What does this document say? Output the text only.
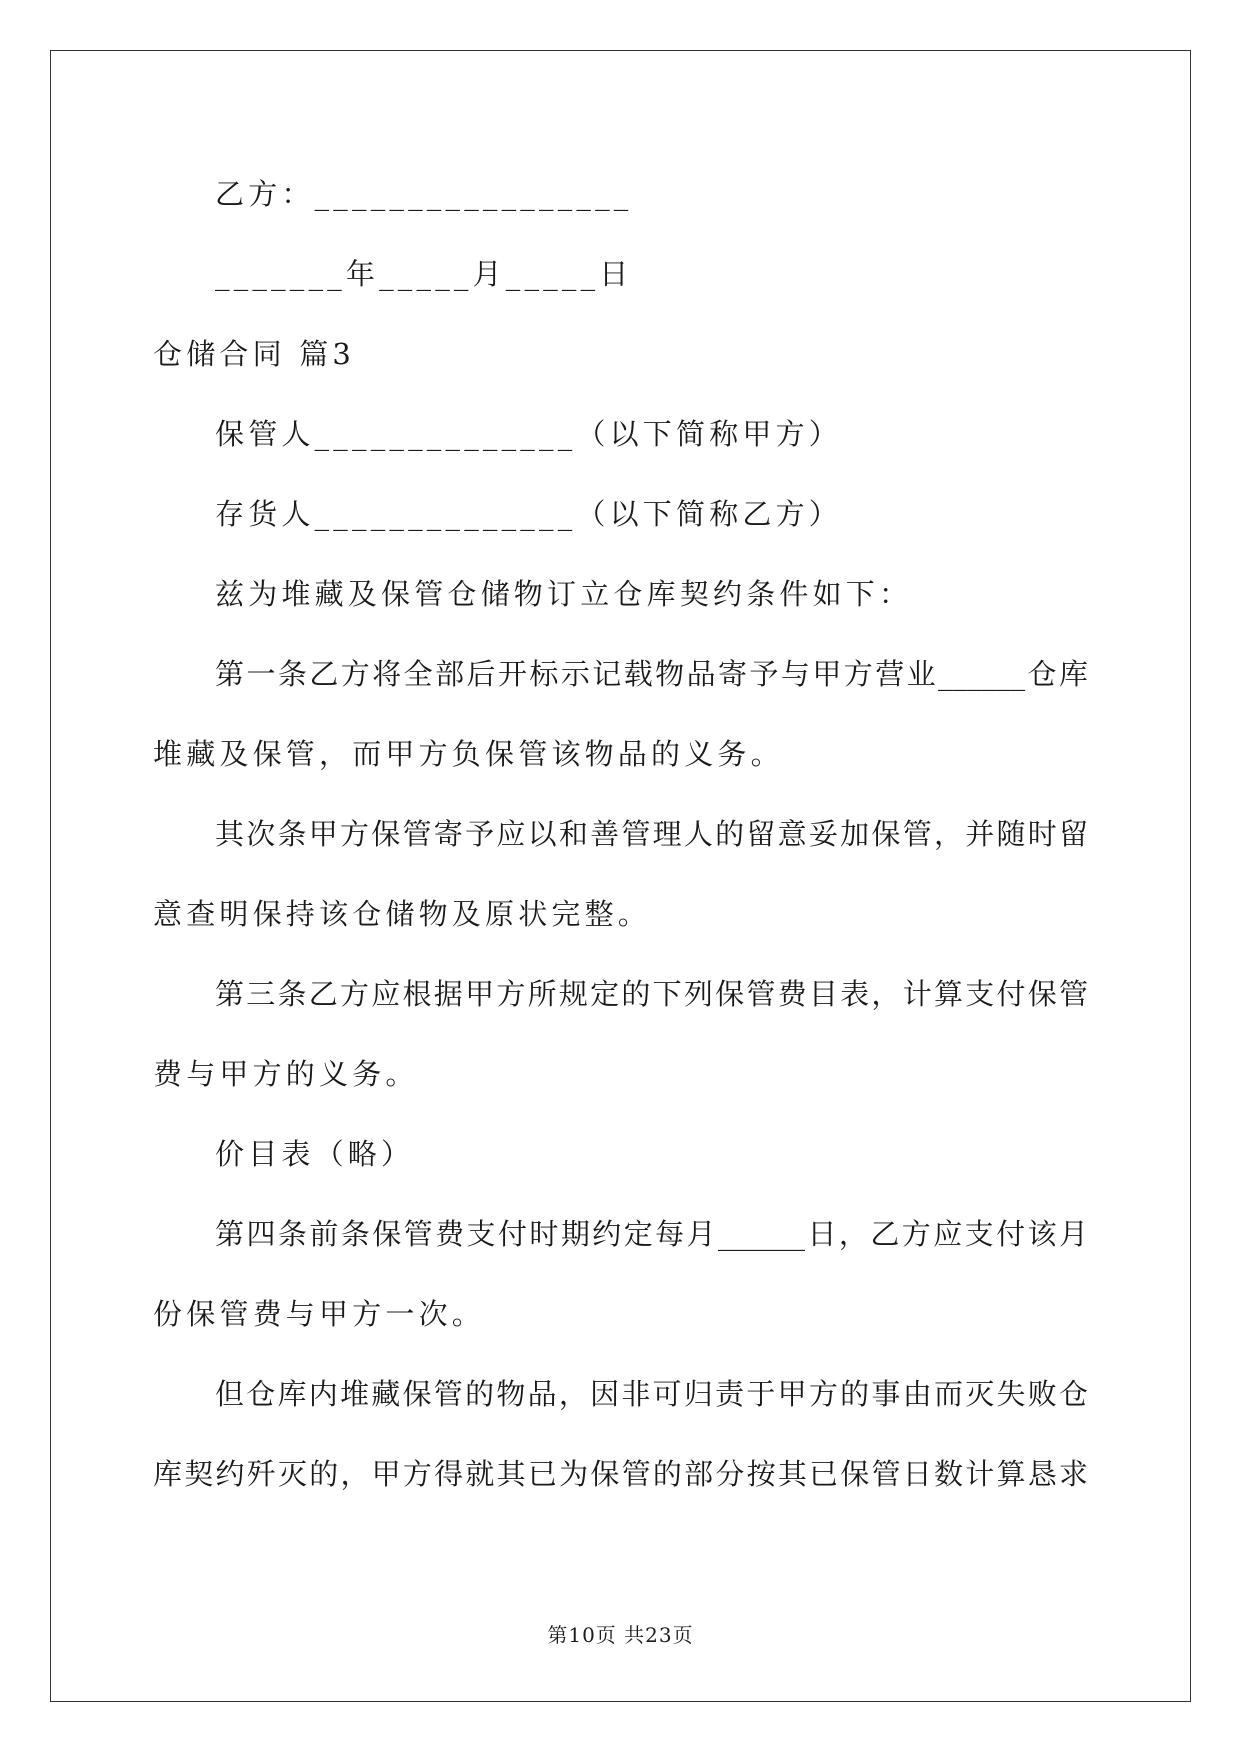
乙方：_________________
_______年_____月_____日
仓储合同 篇3
保管人______________（以下简称甲方）
存货人______________（以下简称乙方）
兹为堆藏及保管仓储物订立仓库契约条件如下：
第一条乙方将全部后开标示记载物品寄予与甲方营业______仓库
堆藏及保管，而甲方负保管该物品的义务。
其次条甲方保管寄予应以和善管理人的留意妥加保管，并随时留
意查明保持该仓储物及原状完整。
第三条乙方应根据甲方所规定的下列保管费目表，计算支付保管
费与甲方的义务。
价目表（略）
第四条前条保管费支付时期约定每月______日，乙方应支付该月
份保管费与甲方一次。
但仓库内堆藏保管的物品，因非可归责于甲方的事由而灭失败仓
库契约歼灭的，甲方得就其已为保管的部分按其已保管日数计算恳求
第10页 共23页
